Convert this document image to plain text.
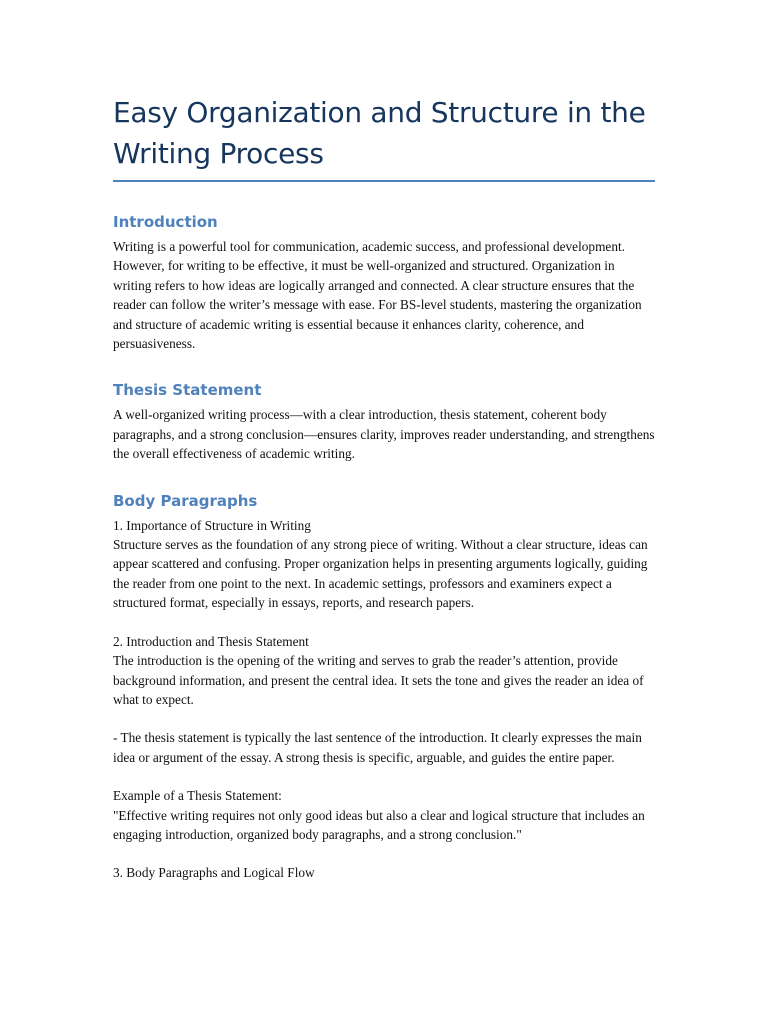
Easy Organization and Structure in the Writing Process
Introduction

Writing is a powerful tool for communication, academic success, and professional development. However, for writing to be effective, it must be well-organized and structured. Organization in writing refers to how ideas are logically arranged and connected. A clear structure ensures that the reader can follow the writer’s message with ease. For BS-level students, mastering the organization and structure of academic writing is essential because it enhances clarity, coherence, and persuasiveness.

Thesis Statement

A well-organized writing process—with a clear introduction, thesis statement, coherent body paragraphs, and a strong conclusion—ensures clarity, improves reader understanding, and strengthens the overall effectiveness of academic writing.

Body Paragraphs

1. Importance of Structure in Writing

Structure serves as the foundation of any strong piece of writing. Without a clear structure, ideas can appear scattered and confusing. Proper organization helps in presenting arguments logically, guiding the reader from one point to the next. In academic settings, professors and examiners expect a structured format, especially in essays, reports, and research papers.

2. Introduction and Thesis Statement

The introduction is the opening of the writing and serves to grab the reader’s attention, provide background information, and present the central idea. It sets the tone and gives the reader an idea of what to expect.

- The thesis statement is typically the last sentence of the introduction. It clearly expresses the main idea or argument of the essay. A strong thesis is specific, arguable, and guides the entire paper.

Example of a Thesis Statement:

"Effective writing requires not only good ideas but also a clear and logical structure that includes an engaging introduction, organized body paragraphs, and a strong conclusion."

3. Body Paragraphs and Logical Flow
